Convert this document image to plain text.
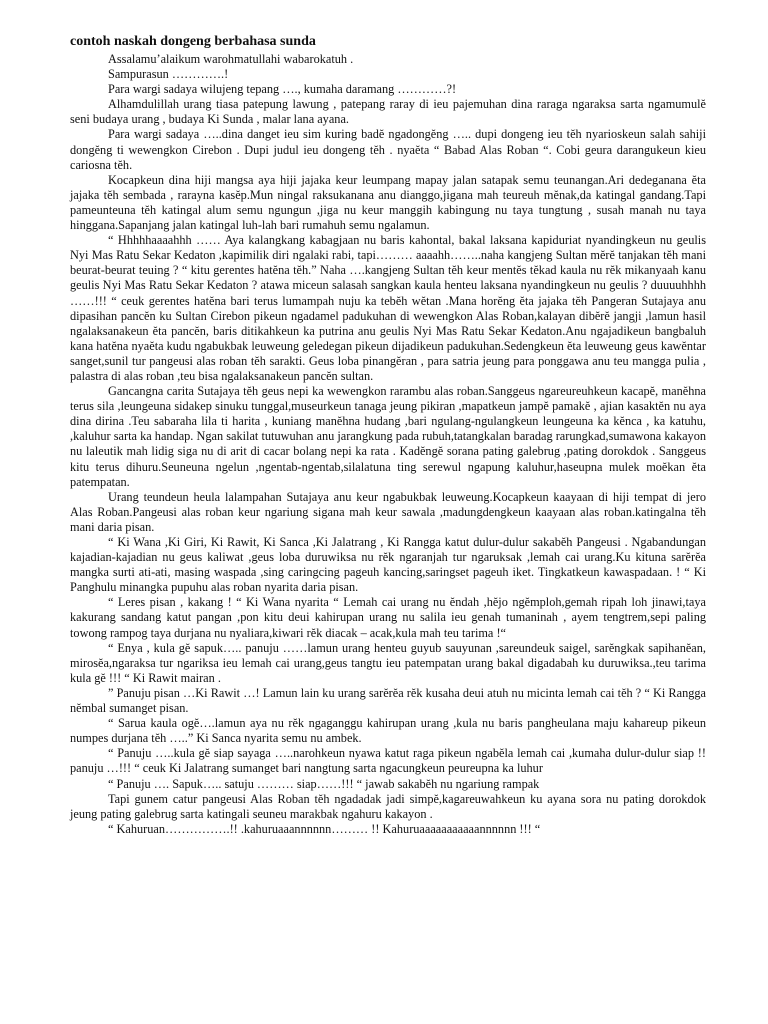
contoh naskah dongeng berbahasa sunda

Assalamu’alaikum warohmatullahi wabarokatuh .

Sampurasun ………….!

Para wargi sadaya wilujeng tepang …., kumaha daramang …………?!

Alhamdulillah urang tiasa patepung lawung , patepang raray di ieu pajemuhan dina raraga ngaraksa sarta ngamumulĕ seni budaya urang , budaya Ki Sunda , malar lana ayana.

Para wargi sadaya …..dina danget ieu sim kuring badĕ ngadongĕng ….. dupi dongeng ieu tĕh nyarioskeun salah sahiji dongĕng ti wewengkon Cirebon . Dupi judul ieu dongeng tĕh . nyaĕta “ Babad Alas Roban “. Cobi geura darangukeun kieu cariosna tĕh.

Kocapkeun dina hiji mangsa aya hiji jajaka keur leumpang mapay jalan satapak semu teunangan.Ari dedeganana ĕta jajaka tĕh sembada , rarayna kasĕp.Mun ningal raksukanana anu dianggo,jigana mah teureuh mĕnak,da katingal gandang.Tapi pameunteuna tĕh katingal alum semu ngungun ,jiga nu keur manggih kabingung nu taya tungtung , susah manah nu taya hinggana.Sapanjang jalan katingal luh-lah bari rumahuh semu ngalamun.

“ Hhhhhaaaahhh …… Aya kalangkang kabagjaan nu baris kahontal, bakal laksana kapiduriat nyandingkeun nu geulis Nyi Mas Ratu Sekar Kedaton ,kapimilik diri ngalaki rabi, tapi……… aaaahh……..naha kangjeng Sultan mĕrĕ tanjakan tĕh mani beurat-beurat teuing ? “ kitu gerentes hatĕna tĕh.” Naha ….kangjeng Sultan tĕh keur mentĕs tĕkad kaula nu rĕk mikanyaah kanu geulis Nyi Mas Ratu Sekar Kedaton ? atawa miceun salasah sangkan kaula henteu laksana nyandingkeun nu geulis ? duuuuhhhh ……!!! “ ceuk gerentes hatĕna bari terus lumampah nuju ka tebĕh wĕtan .Mana horĕng ĕta jajaka tĕh Pangeran Sutajaya anu dipasihan pancĕn ku Sultan Cirebon pikeun ngadamel padukuhan di wewengkon Alas Roban,kalayan dibĕrĕ jangji ,lamun hasil ngalaksanakeun ĕta pancĕn, baris ditikahkeun ka putrina anu geulis Nyi Mas Ratu Sekar Kedaton.Anu ngajadikeun bangbaluh kana hatĕna nyaĕta kudu ngabukbak leuweung geledegan pikeun dijadikeun padukuhan.Sedengkeun ĕta leuweung geus kawĕntar sanget,sunil tur pangeusi alas roban tĕh sarakti. Geus loba pinangĕran , para satria jeung para ponggawa anu teu mangga pulia , palastra di alas roban ,teu bisa ngalaksanakeun pancĕn sultan.

Gancangna carita Sutajaya tĕh geus nepi ka wewengkon rarambu alas roban.Sanggeus ngareureuhkeun kacapĕ, manĕhna terus sila ,leungeuna sidakep sinuku tunggal,museurkeun tanaga jeung pikiran ,mapatkeun jampĕ pamakĕ , ajian kasaktĕn nu aya dina dirina .Teu sabaraha lila ti harita , kuniang manĕhna hudang ,bari ngulang-ngulangkeun leungeuna ka kĕnca , ka katuhu, ,kaluhur sarta ka handap. Ngan sakilat tutuwuhan anu jarangkung pada rubuh,tatangkalan baradag rarungkad,sumawona kakayon nu laleutik mah lidig siga nu di arit di cacar bolang nepi ka rata . Kadĕngĕ sorana pating galebrug ,pating dorokdok . Sanggeus kitu terus dihuru.Seuneuna ngelun ,ngentab-ngentab,silalatuna ting serewul ngapung kaluhur,haseupna mulek moĕkan ĕta patempatan.

Urang teundeun heula lalampahan Sutajaya anu keur ngabukbak leuweung.Kocapkeun kaayaan di hiji tempat di jero Alas Roban.Pangeusi alas roban keur ngariung sigana mah keur sawala ,madungdengkeun kaayaan alas roban.katingalna tĕh mani daria pisan.

“ Ki Wana ,Ki Giri, Ki Rawit, Ki Sanca ,Ki Jalatrang , Ki Rangga katut dulur-dulur sakabĕh Pangeusi . Ngabandungan kajadian-kajadian nu geus kaliwat ,geus loba duruwiksa nu rĕk ngaranjah tur ngaruksak ,lemah cai urang.Ku kituna sarĕrĕa mangka surti ati-ati, masing waspada ,sing caringcing pageuh kancing,saringset pageuh iket. Tingkatkeun kawaspadaan. ! “ Ki Panghulu minangka pupuhu alas roban nyarita daria pisan.

“ Leres pisan , kakang ! “ Ki Wana nyarita “ Lemah cai urang nu ĕndah ,hĕjo ngĕmploh,gemah ripah loh jinawi,taya kakurang sandang katut pangan ,pon kitu deui kahirupan urang nu salila ieu genah tumaninah , ayem tengtrem,sepi paling towong rampog taya durjana nu nyaliara,kiwari rĕk diacak – acak,kula mah teu tarima !“

“ Enya , kula gĕ sapuk….. panuju ……lamun urang henteu guyub sauyunan ,sareundeuk saigel, sarĕngkak sapihanĕan, mirosĕa,ngaraksa tur ngariksa ieu lemah cai urang,geus tangtu ieu patempatan urang bakal digadabah ku duruwiksa.,teu tarima kula gĕ !!! “ Ki Rawit mairan .

” Panuju pisan …Ki Rawit …! Lamun lain ku urang sarĕrĕa rĕk kusaha deui atuh nu micinta lemah cai tĕh ? “ Ki Rangga nĕmbal sumanget pisan.

“ Sarua kaula ogĕ….lamun aya nu rĕk ngaganggu kahirupan urang ,kula nu baris pangheulana maju kahareup pikeun numpes durjana tĕh …..” Ki Sanca nyarita semu nu ambek.

“ Panuju …..kula gĕ siap sayaga …..narohkeun nyawa katut raga pikeun ngabĕla lemah cai ,kumaha dulur-dulur siap !! panuju …!!! “ ceuk Ki Jalatrang sumanget bari nangtung sarta ngacungkeun peureupna ka luhur

“ Panuju …. Sapuk….. satuju ……… siap……!!! “ jawab sakabĕh nu ngariung rampak

Tapi gunem catur pangeusi Alas Roban tĕh ngadadak jadi simpĕ,kagareuwahkeun ku ayana sora nu pating dorokdok jeung pating galebrug sarta katingali seuneu marakbak ngahuru kakayon .

“ Kahuruan…………….!! .kahuruaaannnnnn……… !! Kahuruaaaaaaaaaaannnnnn !!! “
